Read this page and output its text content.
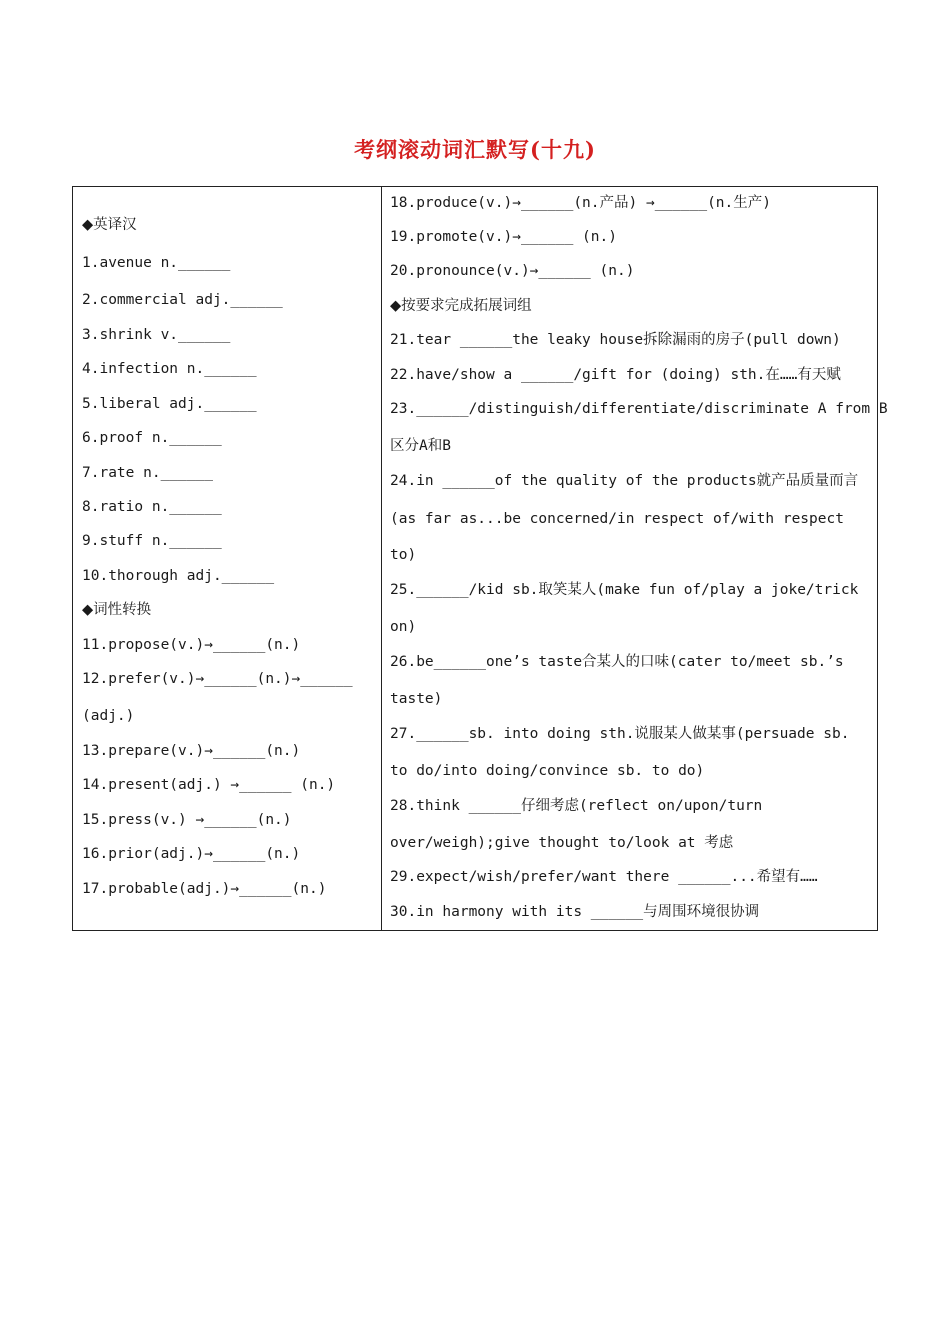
考纲滚动词汇默写(十九)
◆英译汉
1.avenue n.______
2.commercial adj.______
3.shrink v.______
4.infection n.______
5.liberal adj.______
6.proof n.______
7.rate n.______
8.ratio n.______
9.stuff n.______
10.thorough adj.______
◆词性转换
11.propose(v.)→______(n.)
12.prefer(v.)→______(n.)→______
(adj.)
13.prepare(v.)→______(n.)
14.present(adj.) →______ (n.)
15.press(v.) →______(n.)
16.prior(adj.)→______(n.)
17.probable(adj.)→______(n.)
18.produce(v.)→______(n.产品) →______(n.生产)
19.promote(v.)→______ (n.)
20.pronounce(v.)→______ (n.)
◆按要求完成拓展词组
21.tear ______the leaky house拆除漏雨的房子(pull down)
22.have/show a ______/gift for (doing) sth.在……有天赋
23.______/distinguish/differentiate/discriminate A from B
区分A和B
24.in ______of the quality of the products就产品质量而言
(as far as...be concerned/in respect of/with respect
to)
25.______/kid sb.取笑某人(make fun of/play a joke/trick
on)
26.be______one’s taste合某人的口味(cater to/meet sb.’s
taste)
27.______sb. into doing sth.说服某人做某事(persuade sb.
to do/into doing/convince sb. to do)
28.think ______仔细考虑(reflect on/upon/turn
over/weigh);give thought to/look at 考虑
29.expect/wish/prefer/want there ______...希望有……
30.in harmony with its ______与周围环境很协调
